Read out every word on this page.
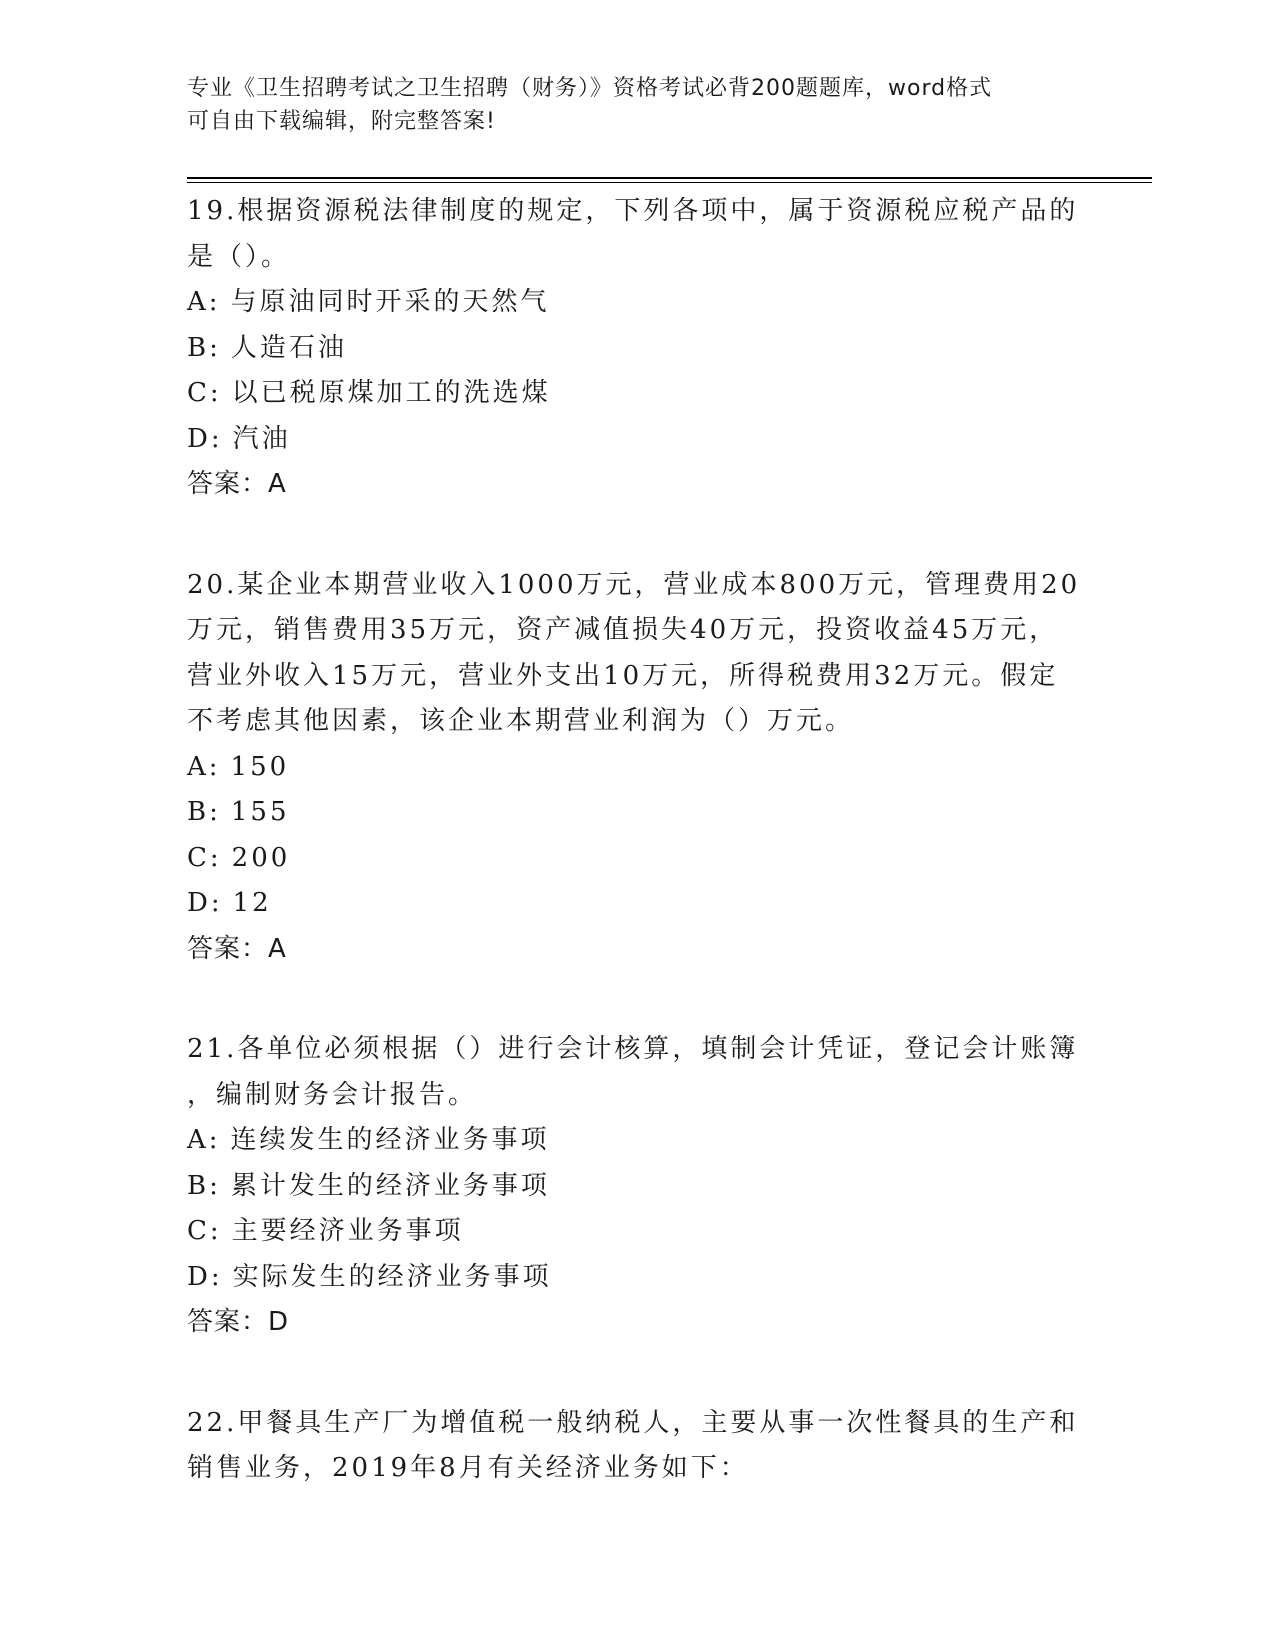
专业《卫生招聘考试之卫生招聘（财务）》资格考试必背200题题库，word格式
可自由下载编辑，附完整答案!
19.根据资源税法律制度的规定，下列各项中，属于资源税应税产品的
是（）。
A: 与原油同时开采的天然气
B: 人造石油
C: 以已税原煤加工的洗选煤
D: 汽油
答案：A
20.某企业本期营业收入1000万元，营业成本800万元，管理费用20
万元，销售费用35万元，资产减值损失40万元，投资收益45万元，
营业外收入15万元，营业外支出10万元，所得税费用32万元。假定
不考虑其他因素，该企业本期营业利润为（）万元。
A: 150
B: 155
C: 200
D: 12
答案：A
21.各单位必须根据（）进行会计核算，填制会计凭证，登记会计账簿
，编制财务会计报告。
A: 连续发生的经济业务事项
B: 累计发生的经济业务事项
C: 主要经济业务事项
D: 实际发生的经济业务事项
答案：D
22.甲餐具生产厂为增值税一般纳税人，主要从事一次性餐具的生产和
销售业务，2019年8月有关经济业务如下：
